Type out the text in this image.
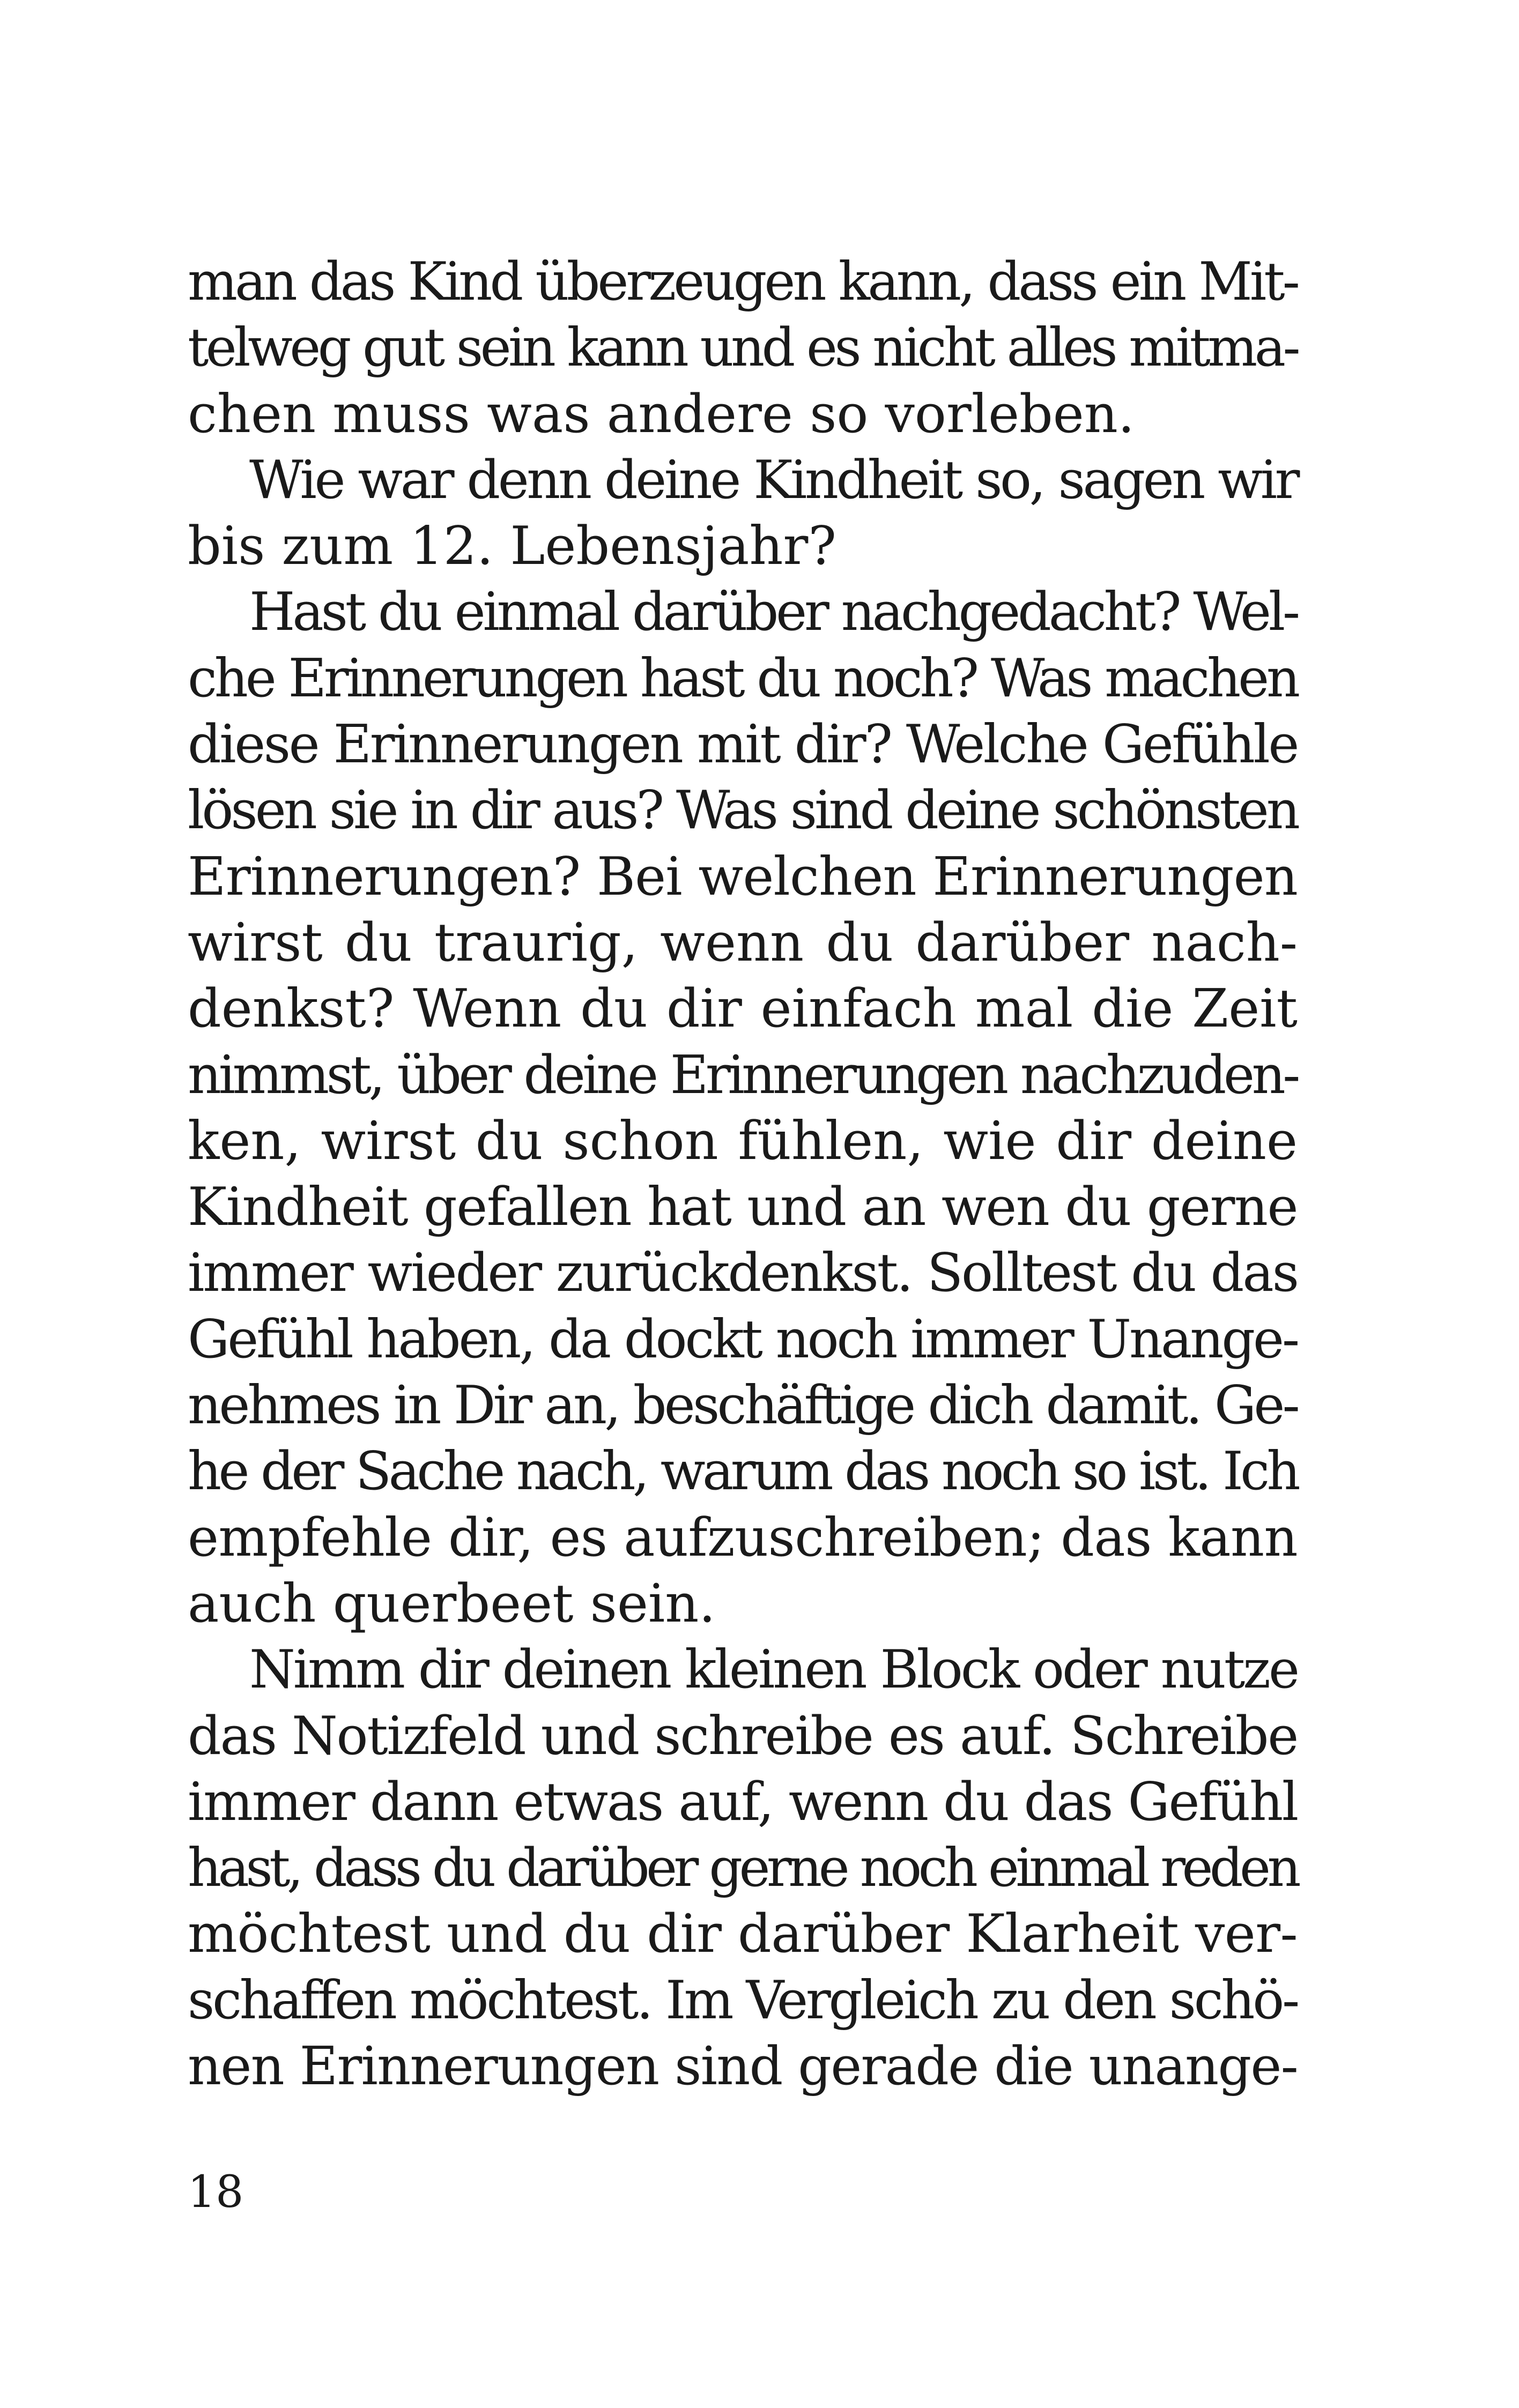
man das Kind überzeugen kann, dass ein Mit-
telweg gut sein kann und es nicht alles mitma-
chen muss was andere so vorleben.
Wie war denn deine Kindheit so, sagen wir
bis zum 12. Lebensjahr?
Hast du einmal darüber nachgedacht? Wel-
che Erinnerungen hast du noch? Was machen
diese Erinnerungen mit dir? Welche Gefühle
lösen sie in dir aus? Was sind deine schönsten
Erinnerungen? Bei welchen Erinnerungen
wirst du traurig, wenn du darüber nach-
denkst? Wenn du dir einfach mal die Zeit
nimmst, über deine Erinnerungen nachzuden-
ken, wirst du schon fühlen, wie dir deine
Kindheit gefallen hat und an wen du gerne
immer wieder zurückdenkst. Solltest du das
Gefühl haben, da dockt noch immer Unange-
nehmes in Dir an, beschäftige dich damit. Ge-
he der Sache nach, warum das noch so ist. Ich
empfehle dir, es aufzuschreiben; das kann
auch querbeet sein.
Nimm dir deinen kleinen Block oder nutze
das Notizfeld und schreibe es auf. Schreibe
immer dann etwas auf, wenn du das Gefühl
hast, dass du darüber gerne noch einmal reden
möchtest und du dir darüber Klarheit ver-
schaffen möchtest. Im Vergleich zu den schö-
nen Erinnerungen sind gerade die unange-
18
